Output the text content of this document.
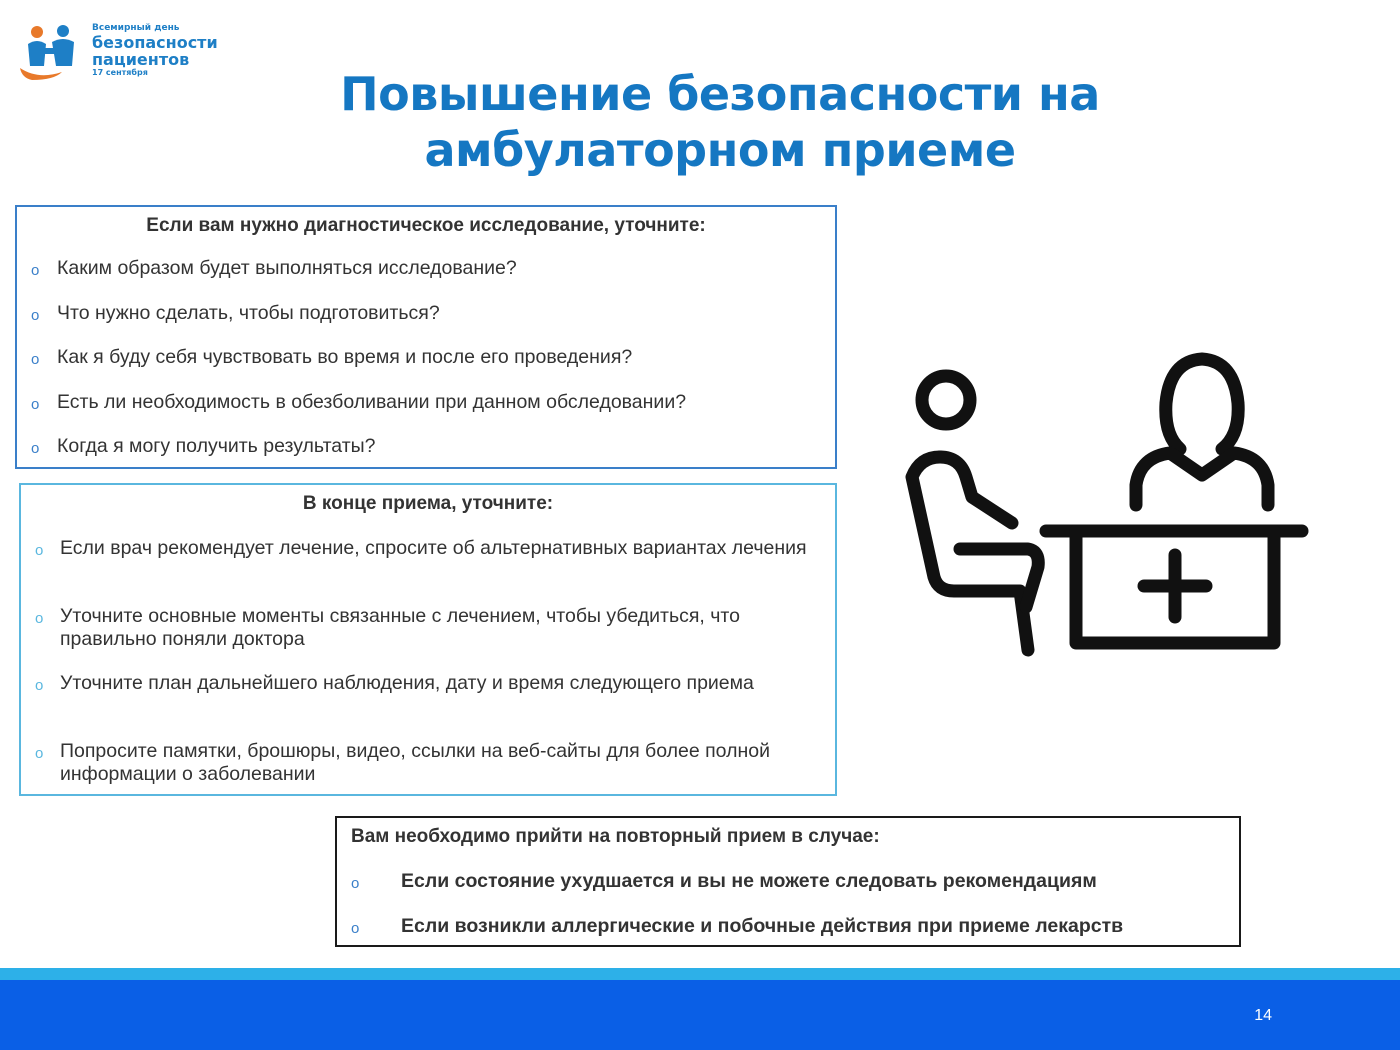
Всемирный день
безопасности
пациентов
17 сентября	Повышение безопасности на
амбулаторном приеме

Если вам нужно диагностическое исследование, уточните:

o Каким образом будет выполняться исследование?
o Что нужно сделать, чтобы подготовиться?
o Как я буду себя чувствовать во время и после его проведения?
o Есть ли необходимость в обезболивании при данном обследовании?
o Когда я могу получить результаты?

В конце приема, уточните:

o Если врач рекомендует лечение, спросите об альтернативных вариантах лечения
o Уточните основные моменты связанные с лечением, чтобы убедиться, что правильно поняли доктора
o Уточните план дальнейшего наблюдения, дату и время следующего приема
o Попросите памятки, брошюры, видео, ссылки на веб-сайты для более полной информации о заболевании

Вам необходимо прийти на повторный прием в случае:

o Если состояние ухудшается и вы не можете следовать рекомендациям
o Если возникли аллергические и побочные действия при приеме лекарств
14
